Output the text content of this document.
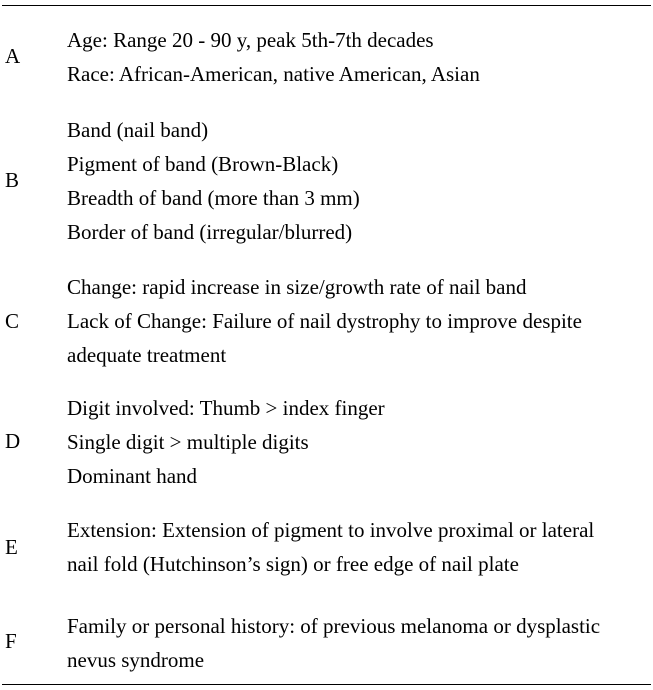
A
Age: Range 20 - 90 y, peak 5th-7th decades
Race: African-American, native American, Asian
B
Band (nail band)
Pigment of band (Brown-Black)
Breadth of band (more than 3 mm)
Border of band (irregular/blurred)
C
Change: rapid increase in size/growth rate of nail band
Lack of Change: Failure of nail dystrophy to improve despite
adequate treatment
D
Digit involved: Thumb > index finger
Single digit > multiple digits
Dominant hand
E
Extension: Extension of pigment to involve proximal or lateral
nail fold (Hutchinson’s sign) or free edge of nail plate
F
Family or personal history: of previous melanoma or dysplastic
nevus syndrome
